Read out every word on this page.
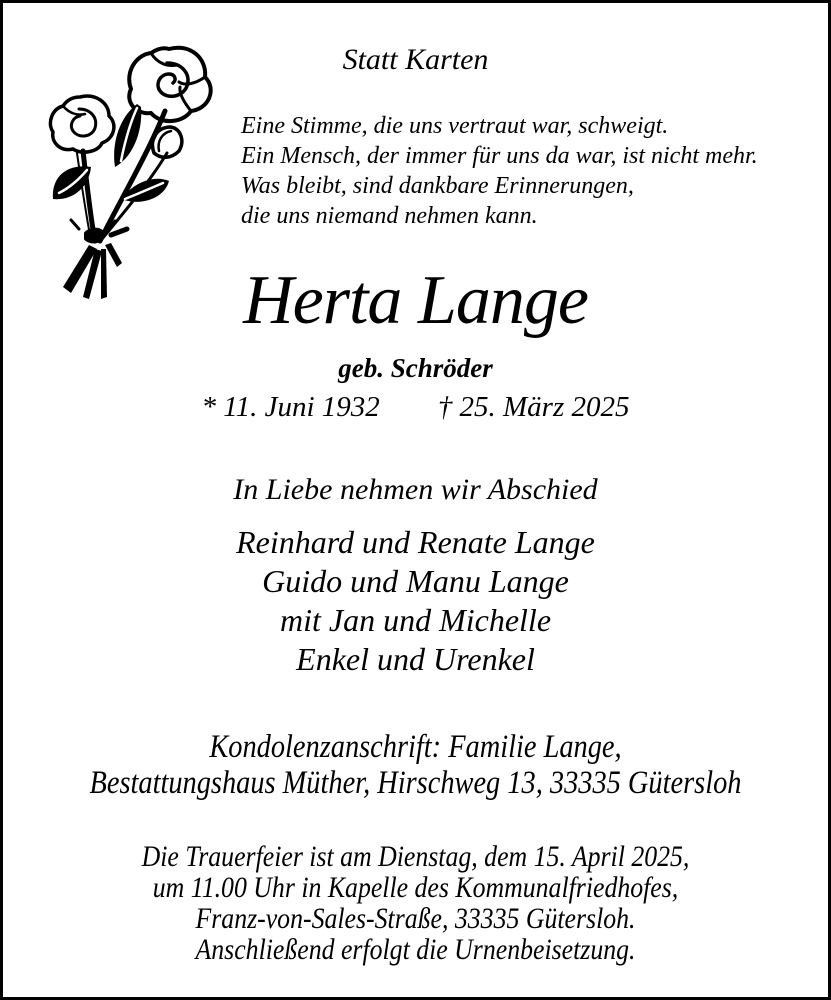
Statt Karten
Eine Stimme, die uns vertraut war, schweigt.
Ein Mensch, der immer für uns da war, ist nicht mehr.
Was bleibt, sind dankbare Erinnerungen,
die uns niemand nehmen kann.
Herta Lange
geb. Schröder
* 11. Juni 1932 † 25. März 2025
In Liebe nehmen wir Abschied
Reinhard und Renate Lange
Guido und Manu Lange
mit Jan und Michelle
Enkel und Urenkel
Kondolenzanschrift: Familie Lange,
Bestattungshaus Müther, Hirschweg 13, 33335 Gütersloh
Die Trauerfeier ist am Dienstag, dem 15. April 2025,
um 11.00 Uhr in Kapelle des Kommunalfriedhofes,
Franz-von-Sales-Straße, 33335 Gütersloh.
Anschließend erfolgt die Urnenbeisetzung.
